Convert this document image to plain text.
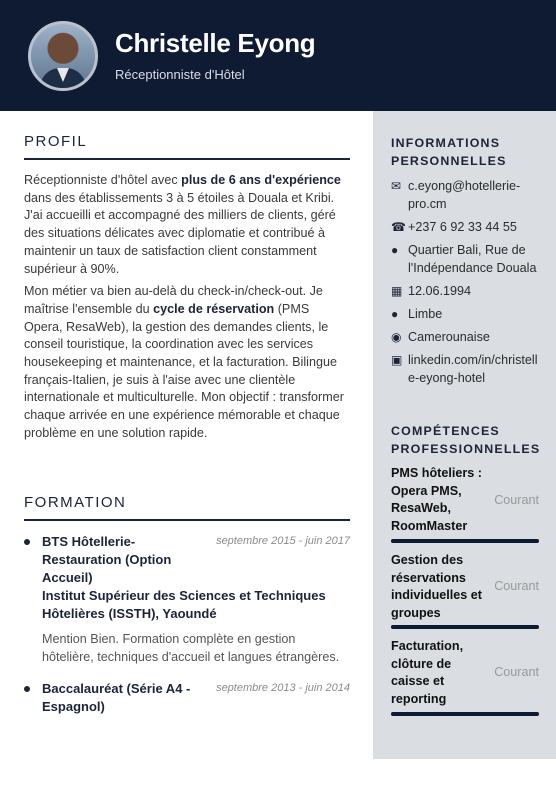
Christelle Eyong
Réceptionniste d'Hôtel
PROFIL

Réceptionniste d'hôtel avec plus de 6 ans d'expérience dans des établissements 3 à 5 étoiles à Douala et Kribi. J'ai accueilli et accompagné des milliers de clients, géré des situations délicates avec diplomatie et contribué à maintenir un taux de satisfaction client constamment supérieur à 90%.

Mon métier va bien au-delà du check-in/check-out. Je maîtrise l'ensemble du cycle de réservation (PMS Opera, ResaWeb), la gestion des demandes clients, le conseil touristique, la coordination avec les services housekeeping et maintenance, et la facturation. Bilingue français-Italien, je suis à l'aise avec une clientèle internationale et multiculturelle. Mon objectif : transformer chaque arrivée en une expérience mémorable et chaque problème en une solution rapide.

FORMATION
BTS Hôtellerie-Restauration (Option Accueil)
septembre 2015 - juin 2017
Institut Supérieur des Sciences et Techniques Hôtelières (ISSTH), Yaoundé
Mention Bien. Formation complète en gestion hôtelière, techniques d'accueil et langues étrangères.
Baccalauréat (Série A4 - Espagnol)
septembre 2013 - juin 2014
INFORMATIONS PERSONNELLES
✉ c.eyong@hotellerie-pro.cm
☎ +237 6 92 33 44 55
● Quartier Bali, Rue de l'Indépendance Douala
▦ 12.06.1994
● Limbe
◉ Camerounaise
▣ linkedin.com/in/christelle-eyong-hotel
COMPÉTENCES PROFESSIONNELLES
PMS hôteliers : Opera PMS, ResaWeb, RoomMaster
Courant
Gestion des réservations individuelles et groupes
Courant
Facturation, clôture de caisse et reporting
Courant
